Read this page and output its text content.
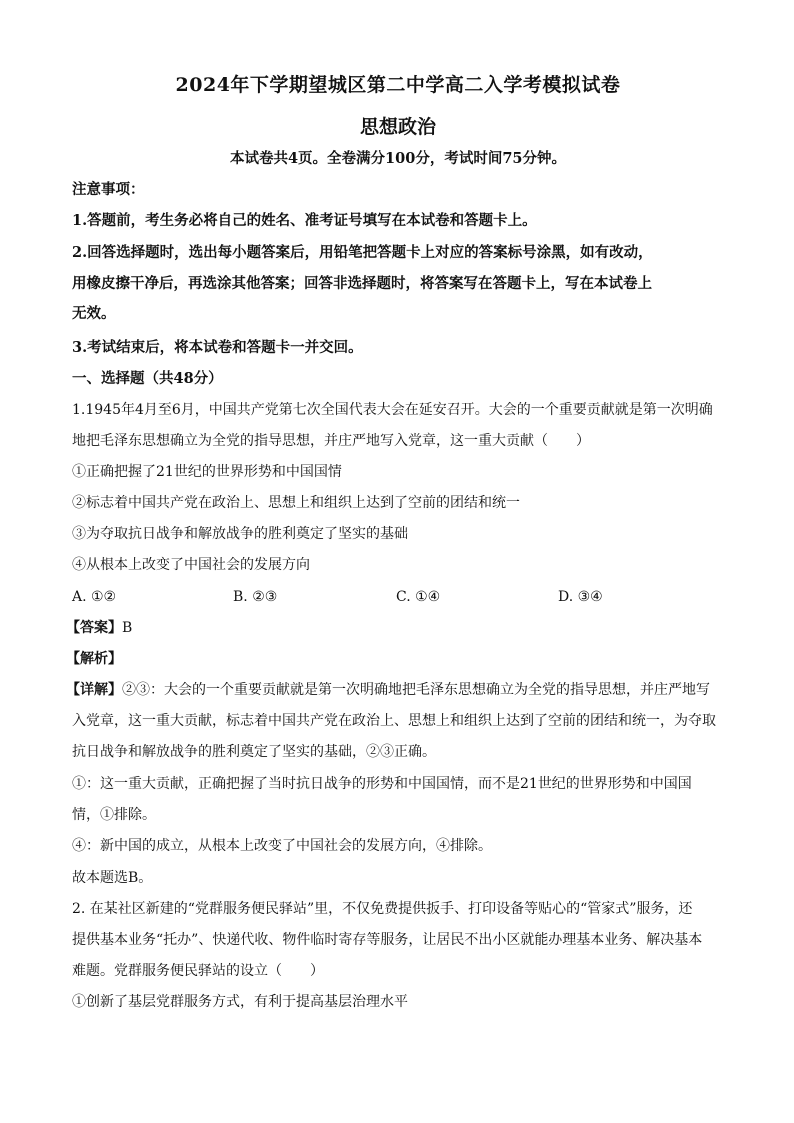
2024年下学期望城区第二中学高二入学考模拟试卷
思想政治
本试卷共4页。全卷满分100分，考试时间75分钟。
注意事项：
1.答题前，考生务必将自己的姓名、准考证号填写在本试卷和答题卡上。
2.回答选择题时，选出每小题答案后，用铅笔把答题卡上对应的答案标号涂黑，如有改动，
用橡皮擦干净后，再选涂其他答案；回答非选择题时，将答案写在答题卡上，写在本试卷上
无效。
3.考试结束后，将本试卷和答题卡一并交回。
一、选择题（共48分）
1.1945年4月至6月，中国共产党第七次全国代表大会在延安召开。大会的一个重要贡献就是第一次明确
地把毛泽东思想确立为全党的指导思想，并庄严地写入党章，这一重大贡献（　　）
①正确把握了21世纪的世界形势和中国国情
②标志着中国共产党在政治上、思想上和组织上达到了空前的团结和统一
③为夺取抗日战争和解放战争的胜利奠定了坚实的基础
④从根本上改变了中国社会的发展方向
A. ①②	B. ②③	C. ①④	D. ③④
【答案】B
【解析】
【详解】②③：大会的一个重要贡献就是第一次明确地把毛泽东思想确立为全党的指导思想，并庄严地写
入党章，这一重大贡献，标志着中国共产党在政治上、思想上和组织上达到了空前的团结和统一，为夺取
抗日战争和解放战争的胜利奠定了坚实的基础，②③正确。
①：这一重大贡献，正确把握了当时抗日战争的形势和中国国情，而不是21世纪的世界形势和中国国
情，①排除。
④：新中国的成立，从根本上改变了中国社会的发展方向，④排除。
故本题选B。
2. 在某社区新建的“党群服务便民驿站”里，不仅免费提供扳手、打印设备等贴心的“管家式”服务，还
提供基本业务“托办”、快递代收、物件临时寄存等服务，让居民不出小区就能办理基本业务、解决基本
难题。党群服务便民驿站的设立（　　）
①创新了基层党群服务方式，有利于提高基层治理水平
